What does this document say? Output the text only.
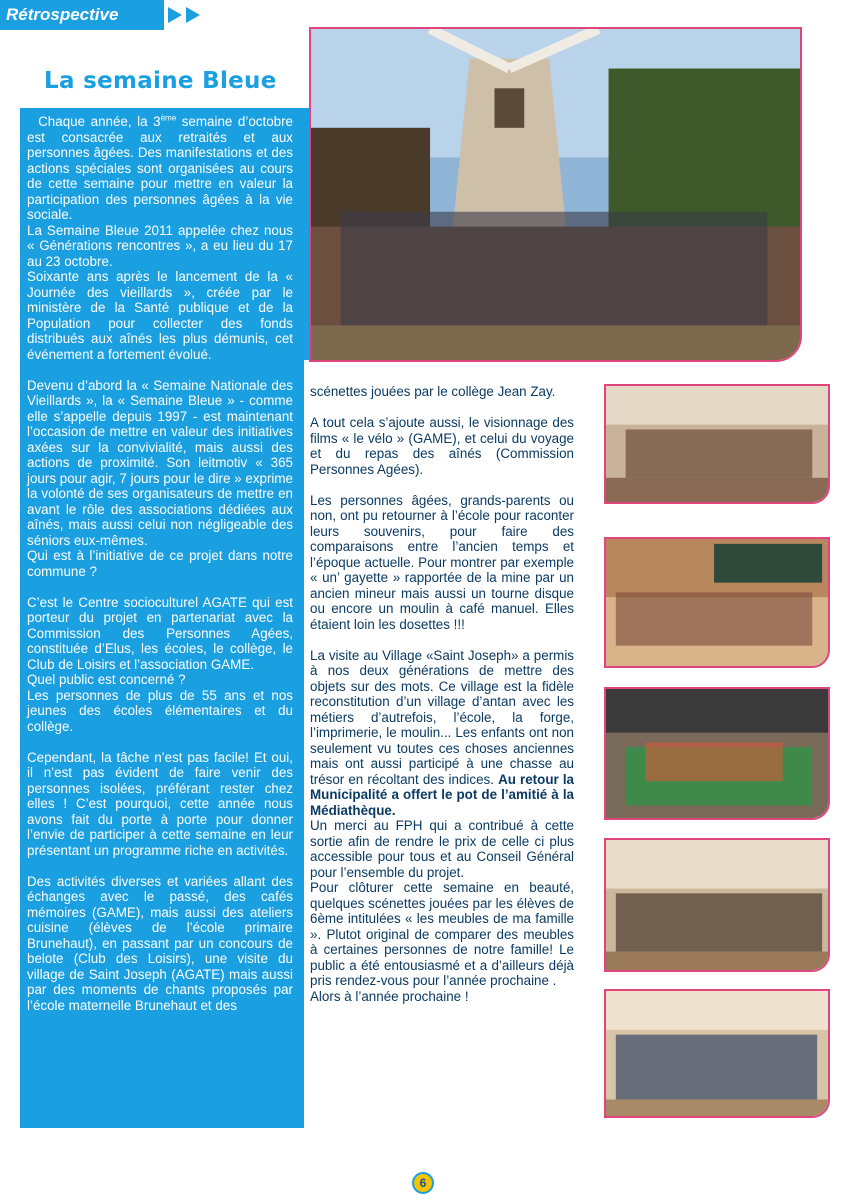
Rétrospective
La semaine Bleue

Chaque année, la 3ème semaine d’octobre est consacrée aux retraités et aux personnes âgées. Des manifestations et des actions spéciales sont organisées au cours de cette semaine pour mettre en valeur la participation des personnes âgées à la vie sociale.
La Semaine Bleue 2011 appelée chez nous « Générations rencontres », a eu lieu du 17 au 23 octobre.
Soixante ans après le lancement de la « Journée des vieillards », créée par le ministère de la Santé publique et de la Population pour collecter des fonds distribués aux aînés les plus démunis, cet événement a fortement évolué.

Devenu d’abord la « Semaine Nationale des Vieillards », la « Semaine Bleue » - comme elle s’appelle depuis 1997 - est maintenant l’occasion de mettre en valeur des initiatives axées sur la convivialité, mais aussi des actions de proximité. Son leitmotiv « 365 jours pour agir, 7 jours pour le dire » exprime la volonté de ses organisateurs de mettre en avant le rôle des associations dédiées aux aînés, mais aussi celui non négligeable des séniors eux-mêmes.
Qui est à l’initiative de ce projet dans notre commune ?

C’est le Centre socioculturel AGATE qui est porteur du projet en partenariat avec la Commission des Personnes Agées, constituée d’Elus, les écoles, le collège, le Club de Loisirs et l’association GAME.
Quel public est concerné ?
Les personnes de plus de 55 ans et nos jeunes des écoles élémentaires et du collège.

Cependant, la tâche n’est pas facile! Et oui, il n’est pas évident de faire venir des personnes isolées, préférant rester chez elles ! C’est pourquoi, cette année nous avons fait du porte à porte pour donner l’envie de participer à cette semaine en leur présentant un programme riche en activités.

Des activités diverses et variées allant des échanges avec le passé, des cafés mémoires (GAME), mais aussi des ateliers cuisine (élèves de l’école primaire Brunehaut), en passant par un concours de belote (Club des Loisirs), une visite du village de Saint Joseph (AGATE) mais aussi par des moments de chants proposés par l’école maternelle Brunehaut et des

scénettes jouées par le collège Jean Zay.

A tout cela s’ajoute aussi, le visionnage des films « le vélo » (GAME), et celui du voyage et du repas des aînés (Commission Personnes Agées).

Les personnes âgées, grands-parents ou non, ont pu retourner à l’école pour raconter leurs souvenirs, pour faire des comparaisons entre l’ancien temps et l’époque actuelle. Pour montrer par exemple « un’ gayette » rapportée de la mine par un ancien mineur mais aussi un tourne disque ou encore un moulin à café manuel. Elles étaient loin les dosettes !!!

La visite au Village «Saint Joseph» a permis à nos deux générations de mettre des objets sur des mots. Ce village est la fidèle reconstitution d’un village d’antan avec les métiers d’autrefois, l’école, la forge, l’imprimerie, le moulin... Les enfants ont non seulement vu toutes ces choses anciennes mais ont aussi participé à une chasse au trésor en récoltant des indices. Au retour la Municipalité a offert le pot de l’amitié à la Médiathèque.
Un merci au FPH qui a contribué à cette sortie afin de rendre le prix de celle ci plus accessible pour tous et au Conseil Général pour l’ensemble du projet.
Pour clôturer cette semaine en beauté, quelques scénettes jouées par les élèves de 6ème intitulées « les meubles de ma famille ». Plutot original de comparer des meubles à certaines personnes de notre famille! Le public a été entousiasmé et a d’ailleurs déjà pris rendez-vous pour l’année prochaine .
Alors à l’année prochaine !

6
